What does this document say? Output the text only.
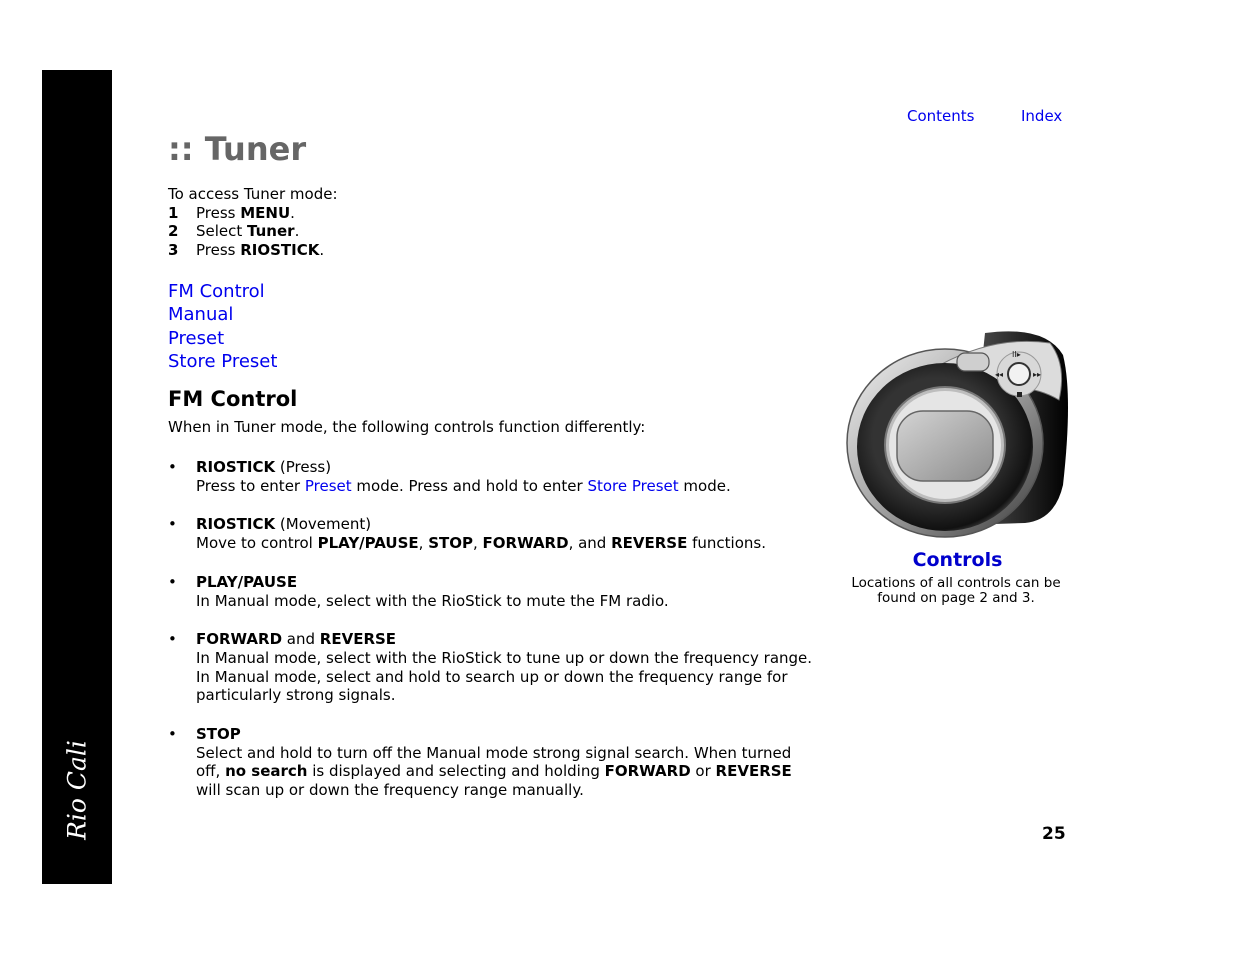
Rio Cali
Contents	Index
:: Tuner
To access Tuner mode:
1 Press MENU.
2 Select Tuner.
3 Press RIOSTICK.
FM Control
Manual
Preset
Store Preset
FM Control
When in Tuner mode, the following controls function differently:
• RIOSTICK (Press)
Press to enter Preset mode. Press and hold to enter Store Preset mode.
• RIOSTICK (Movement)
Move to control PLAY/PAUSE, STOP, FORWARD, and REVERSE functions.
• PLAY/PAUSE
In Manual mode, select with the RioStick to mute the FM radio.
• FORWARD and REVERSE
In Manual mode, select with the RioStick to tune up or down the frequency range. In Manual mode, select and hold to search up or down the frequency range for particularly strong signals.
• STOP
Select and hold to turn off the Manual mode strong signal search. When turned off, no search is displayed and selecting and holding FORWARD or REVERSE will scan up or down the frequency range manually.
II▸
◂◂	▸▸
Controls
Locations of all controls can be found on page 2 and 3.
25
